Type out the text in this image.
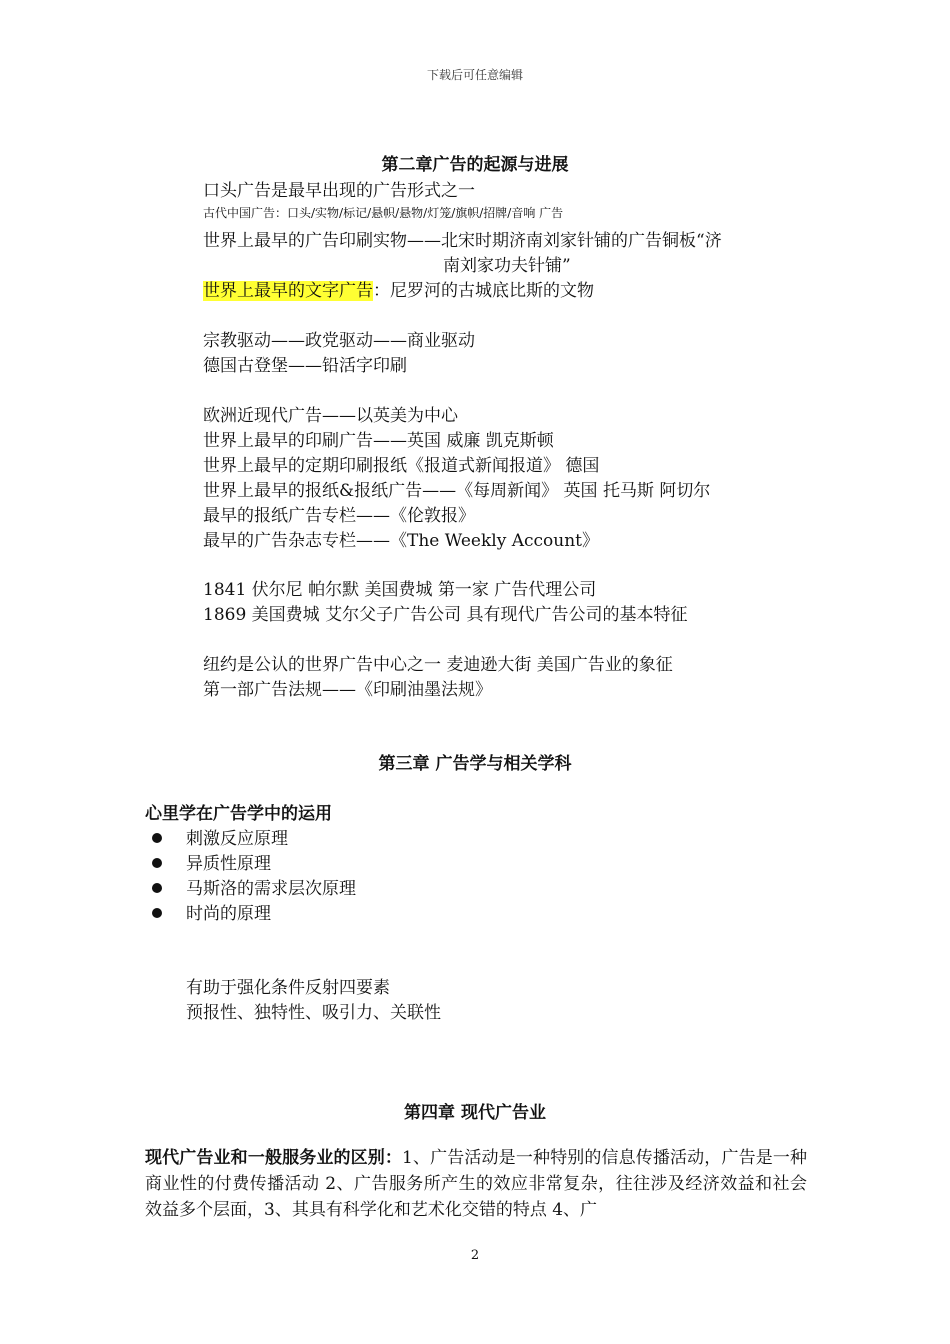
下载后可任意编辑
第二章广告的起源与进展
口头广告是最早出现的广告形式之一
古代中国广告：口头/实物/标记/悬帜/悬物/灯笼/旗帜/招牌/音响 广告
世界上最早的广告印刷实物——北宋时期济南刘家针铺的广告铜板“济
南刘家功夫针铺”
世界上最早的文字广告：尼罗河的古城底比斯的文物
宗教驱动——政党驱动——商业驱动
德国古登堡——铅活字印刷
欧洲近现代广告——以英美为中心
世界上最早的印刷广告——英国 威廉 凯克斯顿
世界上最早的定期印刷报纸《报道式新闻报道》 德国
世界上最早的报纸&报纸广告——《每周新闻》 英国 托马斯 阿切尔
最早的报纸广告专栏——《伦敦报》
最早的广告杂志专栏——《The Weekly Account》
1841 伏尔尼 帕尔默 美国费城 第一家 广告代理公司
1869 美国费城 艾尔父子广告公司 具有现代广告公司的基本特征
纽约是公认的世界广告中心之一 麦迪逊大街 美国广告业的象征
第一部广告法规——《印刷油墨法规》
第三章 广告学与相关学科
心里学在广告学中的运用
刺激反应原理
异质性原理
马斯洛的需求层次原理
时尚的原理
有助于强化条件反射四要素
预报性、独特性、吸引力、关联性
第四章 现代广告业
现代广告业和一般服务业的区别：1、广告活动是一种特别的信息传播活动，广告是一种商业性的付费传播活动 2、广告服务所产生的效应非常复杂，往往涉及经济效益和社会效益多个层面，3、其具有科学化和艺术化交错的特点 4、广
2
